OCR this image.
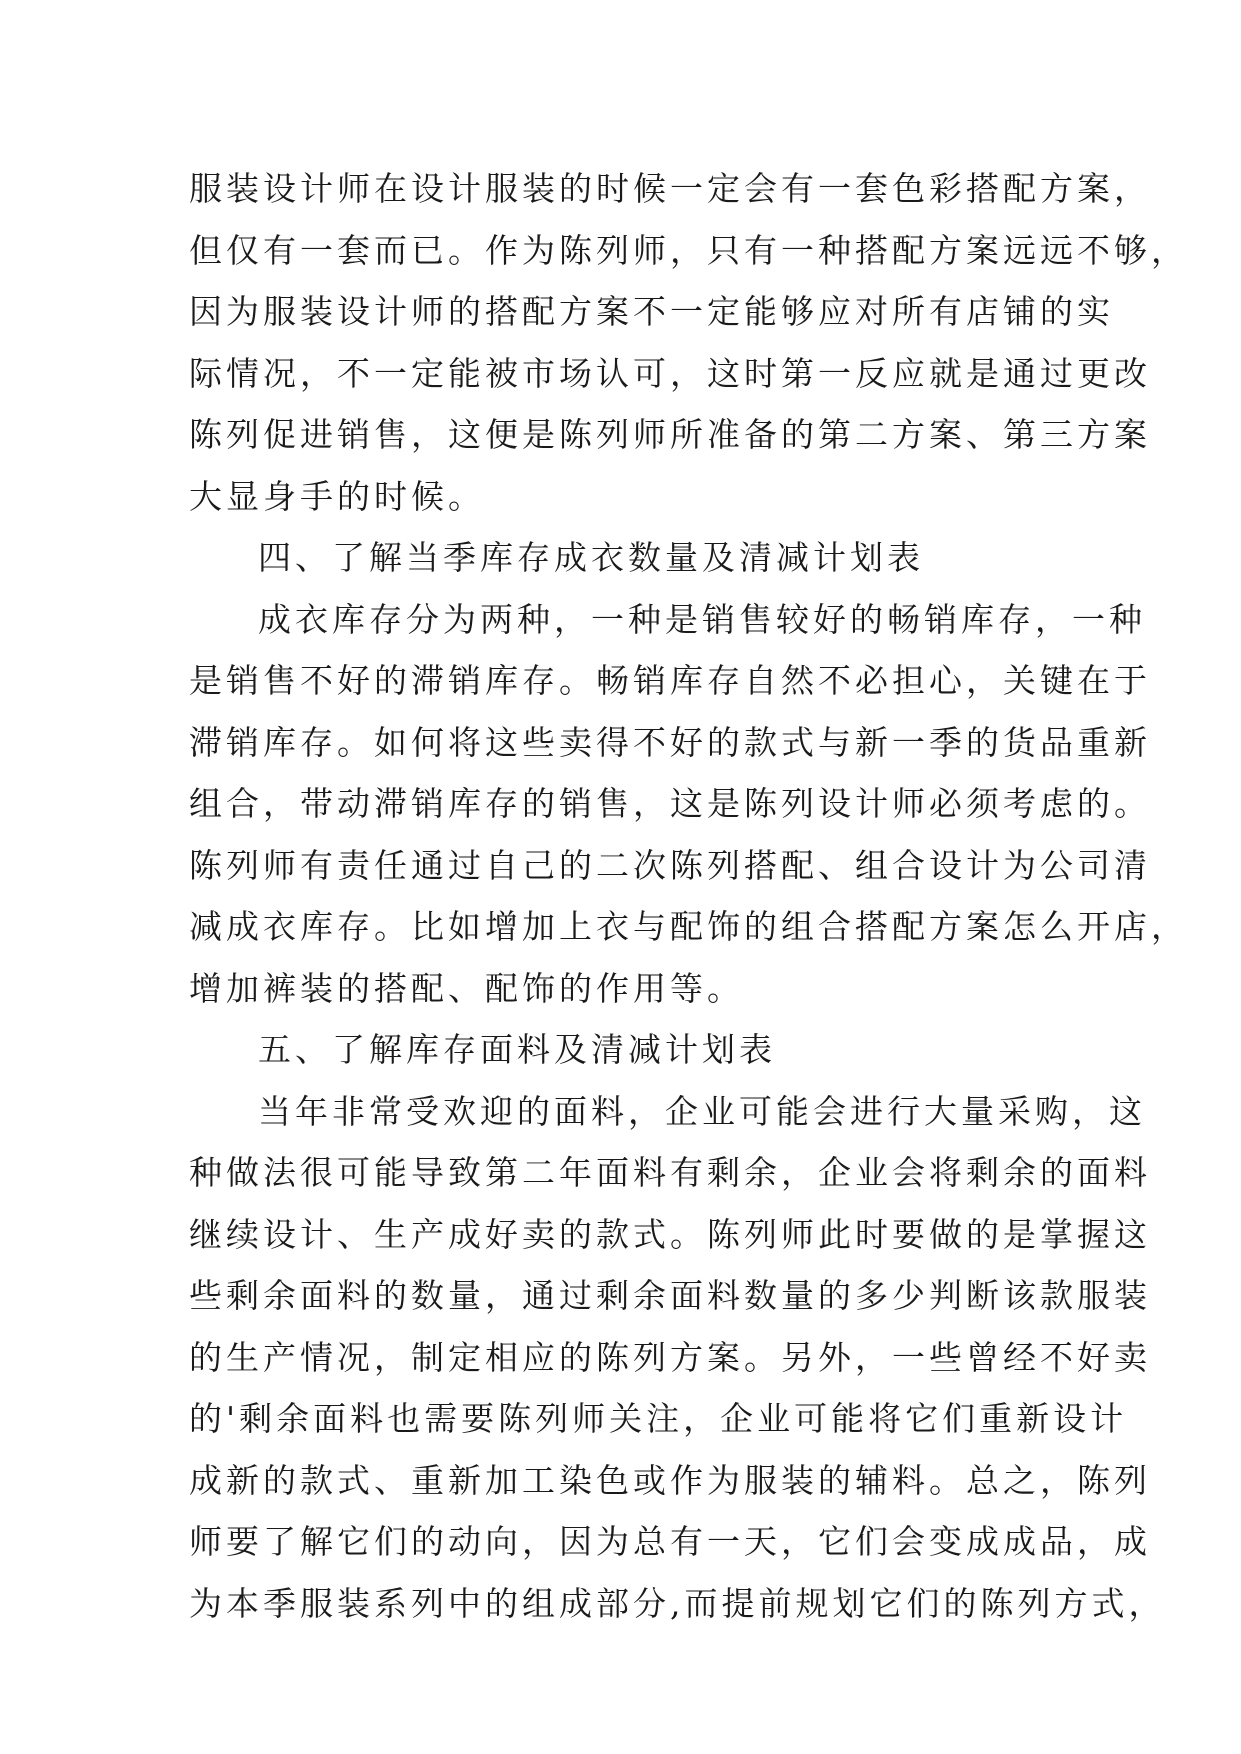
服装设计师在设计服装的时候一定会有一套色彩搭配方案，
但仅有一套而已。作为陈列师，只有一种搭配方案远远不够，
因为服装设计师的搭配方案不一定能够应对所有店铺的实
际情况，不一定能被市场认可，这时第一反应就是通过更改
陈列促进销售，这便是陈列师所准备的第二方案、第三方案
大显身手的时候。
四、了解当季库存成衣数量及清减计划表
成衣库存分为两种，一种是销售较好的畅销库存，一种
是销售不好的滞销库存。畅销库存自然不必担心，关键在于
滞销库存。如何将这些卖得不好的款式与新一季的货品重新
组合，带动滞销库存的销售，这是陈列设计师必须考虑的。
陈列师有责任通过自己的二次陈列搭配、组合设计为公司清
减成衣库存。比如增加上衣与配饰的组合搭配方案怎么开店，
增加裤装的搭配、配饰的作用等。
五、了解库存面料及清减计划表
当年非常受欢迎的面料，企业可能会进行大量采购，这
种做法很可能导致第二年面料有剩余，企业会将剩余的面料
继续设计、生产成好卖的款式。陈列师此时要做的是掌握这
些剩余面料的数量，通过剩余面料数量的多少判断该款服装
的生产情况，制定相应的陈列方案。另外，一些曾经不好卖
的'剩余面料也需要陈列师关注，企业可能将它们重新设计
成新的款式、重新加工染色或作为服装的辅料。总之，陈列
师要了解它们的动向，因为总有一天，它们会变成成品，成
为本季服装系列中的组成部分,而提前规划它们的陈列方式，
